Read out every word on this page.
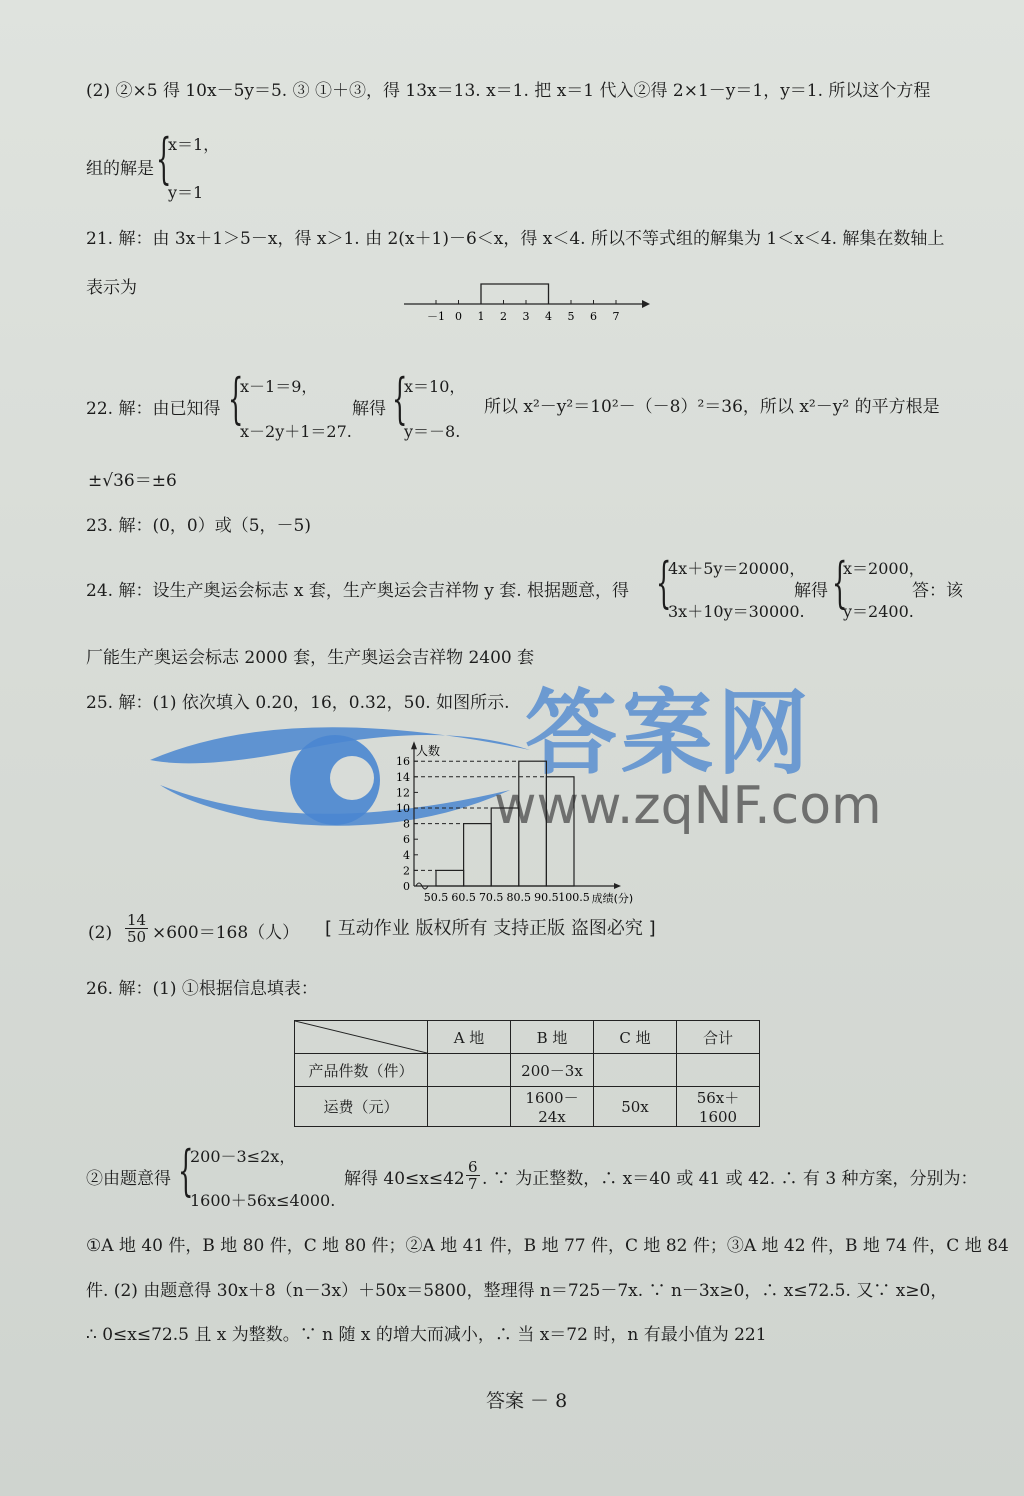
(2) ②×5 得 10x－5y＝5. ③ ①＋③，得 13x＝13. x＝1. 把 x＝1 代入②得 2×1－y＝1，y＝1. 所以这个方程
组的解是 {
x＝1，
y＝1
21. 解：由 3x＋1＞5－x，得 x＞1. 由 2(x＋1)－6＜x，得 x＜4. 所以不等式组的解集为 1＜x＜4. 解集在数轴上
表示为
－1 0 1 2 3 4 5 6 7
22. 解：由已知得 {
x－1＝9，
x－2y＋1＝27.
解得 {
x＝10，
y＝－8.
所以 x²－y²＝10²－（－8）²＝36，所以 x²－y² 的平方根是
±√36＝±6
23. 解：(0，0）或（5，－5)
24. 解：设生产奥运会标志 x 套，生产奥运会吉祥物 y 套. 根据题意，得 {
4x＋5y＝20000，
3x＋10y＝30000.
解得 {
x＝2000，
y＝2400.
答：该
厂能生产奥运会标志 2000 套，生产奥运会吉祥物 2400 套
25. 解：(1) 依次填入 0.20，16，0.32，50. 如图所示. 答案网
www.zqNF.com
人数
0
2
4
6
8
10
12
14
16
50.5 60.5 70.5 80.5 90.5 100.5 成绩(分)
$(2) \frac{14}{50} \times 600=168$（人） [ 互动作业 版权所有 支持正版 盗图必究 ]
26. 解：(1) ①根据信息填表：
	A 地	B 地	C 地	合计
产品件数（件）		200－3x		
运费（元）		1600－24x	50x	56x＋1600
②由题意得 {
200－3≤2x，
1600＋56x≤4000.
解得 $40\le x\le 42 \frac{6}{7}$ . ∵ 为正整数，∴ x＝40 或 41 或 42. ∴ 有 3 种方案，分别为：
①A 地 40 件，B 地 80 件，C 地 80 件；②A 地 41 件，B 地 77 件，C 地 82 件；③A 地 42 件，B 地 74 件，C 地 84
件. (2) 由题意得 30x＋8（n－3x）＋50x＝5800，整理得 n＝725－7x. ∵ n－3x≥0，∴ x≤72.5. 又∵ x≥0，
∴ 0≤x≤72.5 且 x 为整数。∵ n 随 x 的增大而减小，∴ 当 x＝72 时，n 有最小值为 221
答案 － 8
